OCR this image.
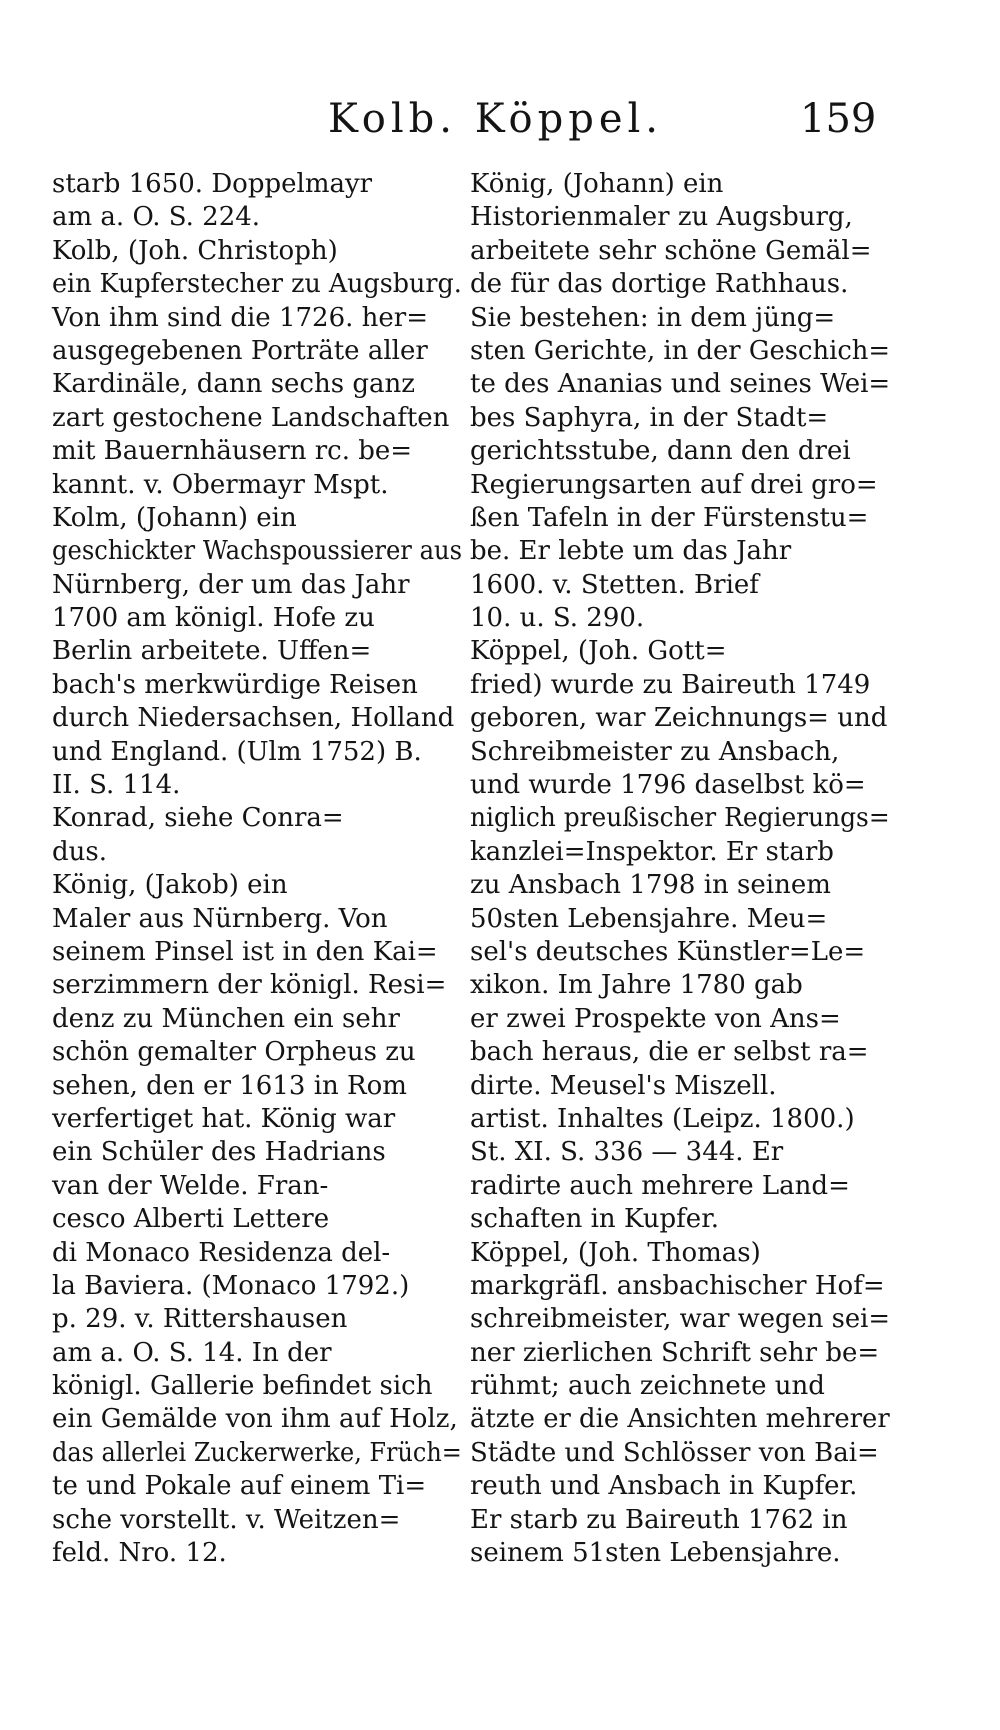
Kolb. Köppel.	159
starb 1650. Doppelmayr
am a. O. S. 224.
Kolb, (Joh. Christoph)
ein Kupferstecher zu Augsburg.
Von ihm sind die 1726. her=
ausgegebenen Porträte aller
Kardinäle, dann sechs ganz
zart gestochene Landschaften
mit Bauernhäusern rc. be=
kannt. v. Obermayr Mspt.
Kolm, (Johann) ein
geschickter Wachspoussierer aus
Nürnberg, der um das Jahr
1700 am königl. Hofe zu
Berlin arbeitete. Uffen=
bach's merkwürdige Reisen
durch Niedersachsen, Holland
und England. (Ulm 1752) B.
II. S. 114.
Konrad, siehe Conra=
dus.
König, (Jakob) ein
Maler aus Nürnberg. Von
seinem Pinsel ist in den Kai=
serzimmern der königl. Resi=
denz zu München ein sehr
schön gemalter Orpheus zu
sehen, den er 1613 in Rom
verfertiget hat. König war
ein Schüler des Hadrians
van der Welde. Fran-
cesco Alberti Lettere
di Monaco Residenza del-
la Baviera. (Monaco 1792.)
p. 29. v. Rittershausen
am a. O. S. 14. In der
königl. Gallerie befindet sich
ein Gemälde von ihm auf Holz,
das allerlei Zuckerwerke, Früch=
te und Pokale auf einem Ti=
sche vorstellt. v. Weitzen=
feld. Nro. 12.
König, (Johann) ein
Historienmaler zu Augsburg,
arbeitete sehr schöne Gemäl=
de für das dortige Rathhaus.
Sie bestehen: in dem jüng=
sten Gerichte, in der Geschich=
te des Ananias und seines Wei=
bes Saphyra, in der Stadt=
gerichtsstube, dann den drei
Regierungsarten auf drei gro=
ßen Tafeln in der Fürstenstu=
be. Er lebte um das Jahr
1600. v. Stetten. Brief
10. u. S. 290.
Köppel, (Joh. Gott=
fried) wurde zu Baireuth 1749
geboren, war Zeichnungs= und
Schreibmeister zu Ansbach,
und wurde 1796 daselbst kö=
niglich preußischer Regierungs=
kanzlei=Inspektor. Er starb
zu Ansbach 1798 in seinem
50sten Lebensjahre. Meu=
sel's deutsches Künstler=Le=
xikon. Im Jahre 1780 gab
er zwei Prospekte von Ans=
bach heraus, die er selbst ra=
dirte. Meusel's Miszell.
artist. Inhaltes (Leipz. 1800.)
St. XI. S. 336 — 344. Er
radirte auch mehrere Land=
schaften in Kupfer.
Köppel, (Joh. Thomas)
markgräfl. ansbachischer Hof=
schreibmeister, war wegen sei=
ner zierlichen Schrift sehr be=
rühmt; auch zeichnete und
ätzte er die Ansichten mehrerer
Städte und Schlösser von Bai=
reuth und Ansbach in Kupfer.
Er starb zu Baireuth 1762 in
seinem 51sten Lebensjahre.
